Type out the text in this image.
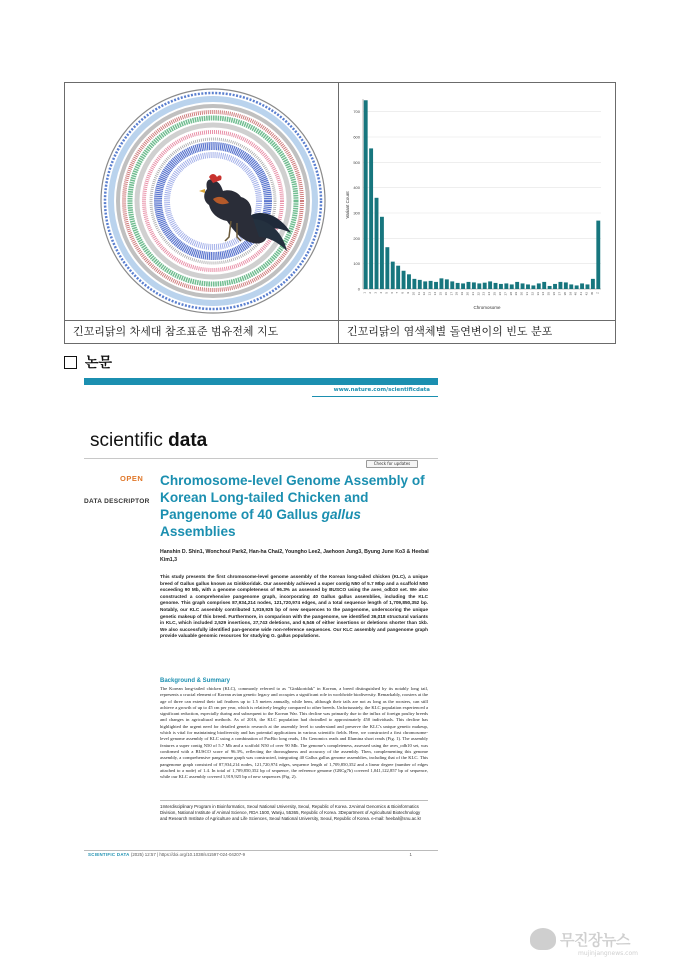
0
100
200
300
400
500
600
700
1 2 3 4 5 6 7 8 9 10 11 12 13 14 15 16 17 18 19 20 21 22 23 24 25 26 27 28 29 30 31 32 33 34 35 36 37 38 39 40 41 42 W Z
Variant Count
Chromosome
긴꼬리닭의 차세대 참조표준 범유전체 지도	긴꼬리닭의 염색체별 돌연변이의 빈도 분포
논문
www.nature.com/scientificdata
scientific data
Check for updates
OPEN
DATA DESCRIPTOR
Chromosome-level Genome Assembly of Korean Long-tailed Chicken and Pangenome of 40 Gallus gallus Assemblies
Hanshin D. Shin1, Wonchoul Park2, Han-ha Chai2, Youngho Lee2, Jaehoon Jung3, Byung June Ko3 & Heebal Kim1,3
This study presents the first chromosome-level genome assembly of the Korean long-tailed chicken (KLC), a unique breed of Gallus gallus known as Ginkkoridak. Our assembly achieved a super contig N50 of 5.7 Mbp and a scaffold N50 exceeding 90 Mb, with a genome completeness of 96.3% as assessed by BUSCO using the aves_odb10 set. We also constructed a comprehensive pangenome graph, incorporating 40 Gallus gallus assemblies, including the KLC genome. This graph comprises 87,934,214 nodes, 121,720,974 edges, and a total sequence length of 1,709,850,352 bp. Notably, our KLC assembly contributed 1,919,925 bp of new sequences to the pangenome, underscoring the unique genetic makeup of this breed. Furthermore, in comparison with the pangenome, we identified 36,018 structural variants in KLC, which included 2,529 insertions, 27,743 deletions, and 6,546 of either insertions or deletions shorter than 1kb. We also successfully identified pan-genome wide non-reference sequences. Our KLC assembly and pangenome graph provide valuable genomic resources for studying G. gallus populations.
Background & Summary
The Korean long-tailed chicken (KLC), commonly referred to as "Ginkkoridak" in Korean, a breed distinguished by its notably long tail, represents a crucial element of Korean avian genetic legacy and occupies a significant role in worldwide biodiversity. Remarkably, roosters at the age of three can extend their tail feathers up to 1.5 meters annually, while hens, although their tails are not as long as the roosters, can still achieve a growth of up to 45 cm per year, which is relatively lengthy compared to other breeds. Unfortunately, the KLC population experienced a significant reduction, especially during and subsequent to the Korean War. This decline was primarily due to the influx of foreign poultry breeds and changes in agricultural methods. As of 2016, the KLC population had dwindled to approximately 450 individuals. This decline has highlighted the urgent need for detailed genetic research at the assembly level to understand and preserve the KLC's unique genetic makeup, which is vital for maintaining biodiversity and has potential applications in various scientific fields. Here, we constructed a first chromosome-level genome assembly of KLC using a combination of PacBio long reads, 10x Genomics reads and Illumina short reads (Fig. 1). The assembly features a super contig N50 of 5.7 Mb and a scaffold N50 of over 90 Mb. The genome's completeness, assessed using the aves_odb10 set, was confirmed with a BUSCO score of 96.3%, reflecting the thoroughness and accuracy of the assembly. Then, complementing this genome assembly, a comprehensive pangenome graph was constructed, integrating 40 Gallus gallus genome assemblies, including that of the KLC. This pangenome graph consisted of 87,934,214 nodes, 121,720,974 edges, sequence length of 1,709,850,352 and a linear degree (number of edges attached to a node) of 1.4. In total of 1,709,850,352 bp of sequence, the reference genome (GRCg7b) covered 1,041,122,857 bp of sequence, while our KLC assembly covered 1,919,925 bp of new sequences (Fig. 2).
1Interdisciplinary Program in Bioinformatics, Seoul National University, Seoul, Republic of Korea. 2Animal Genomics & Bioinformatics Division, National Institute of Animal Science, RDA 1500, Wanju, 55365, Republic of Korea. 3Department of Agricultural Biotechnology and Research Institute of Agriculture and Life Sciences, Seoul National University, Seoul, Republic of Korea. e-mail: heebal@snu.ac.kr
SCIENTIFIC DATA (2025) 12:57 | https://doi.org/10.1038/s41597-024-04207-9	1
무진장뉴스
mujinjangnews.com
